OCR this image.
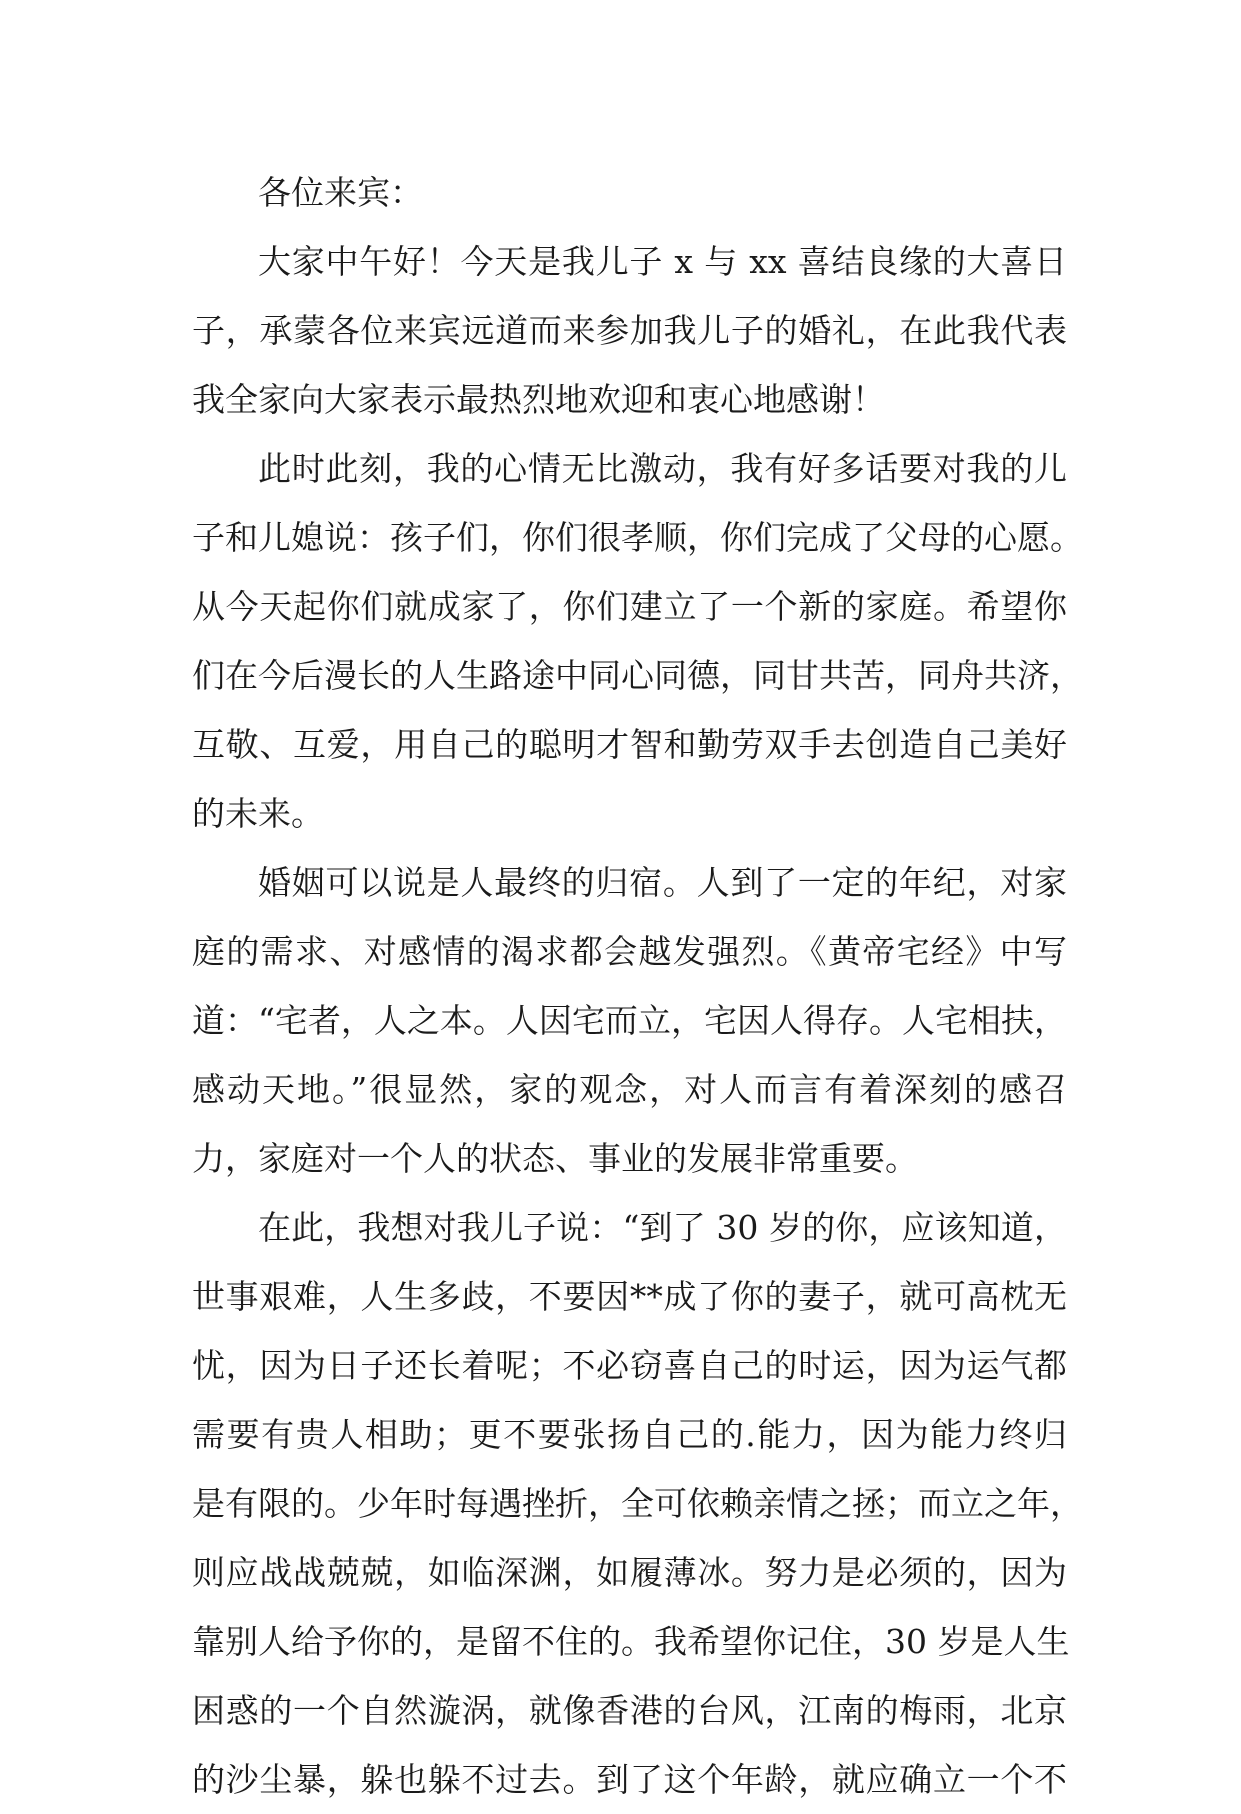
各位来宾：
大家中午好！今天是我儿子 x 与 xx 喜结良缘的大喜日
子，承蒙各位来宾远道而来参加我儿子的婚礼，在此我代表
我全家向大家表示最热烈地欢迎和衷心地感谢！
此时此刻，我的心情无比激动，我有好多话要对我的儿
子和儿媳说：孩子们，你们很孝顺，你们完成了父母的心愿。
从今天起你们就成家了，你们建立了一个新的家庭。希望你
们在今后漫长的人生路途中同心同德，同甘共苦，同舟共济，
互敬、互爱，用自己的聪明才智和勤劳双手去创造自己美好
的未来。
婚姻可以说是人最终的归宿。人到了一定的年纪，对家
庭的需求、对感情的渴求都会越发强烈。《黄帝宅经》中写
道：“宅者，人之本。人因宅而立，宅因人得存。人宅相扶，
感动天地。”很显然，家的观念，对人而言有着深刻的感召
力，家庭对一个人的状态、事业的发展非常重要。
在此，我想对我儿子说：“到了 30 岁的你，应该知道，
世事艰难，人生多歧，不要因**成了你的妻子，就可高枕无
忧，因为日子还长着呢；不必窃喜自己的时运，因为运气都
需要有贵人相助；更不要张扬自己的.能力，因为能力终归
是有限的。少年时每遇挫折，全可依赖亲情之拯；而立之年，
则应战战兢兢，如临深渊，如履薄冰。努力是必须的，因为
靠别人给予你的，是留不住的。我希望你记住，30 岁是人生
困惑的一个自然漩涡，就像香港的台风，江南的梅雨，北京
的沙尘暴，躲也躲不过去。到了这个年龄，就应确立一个不
